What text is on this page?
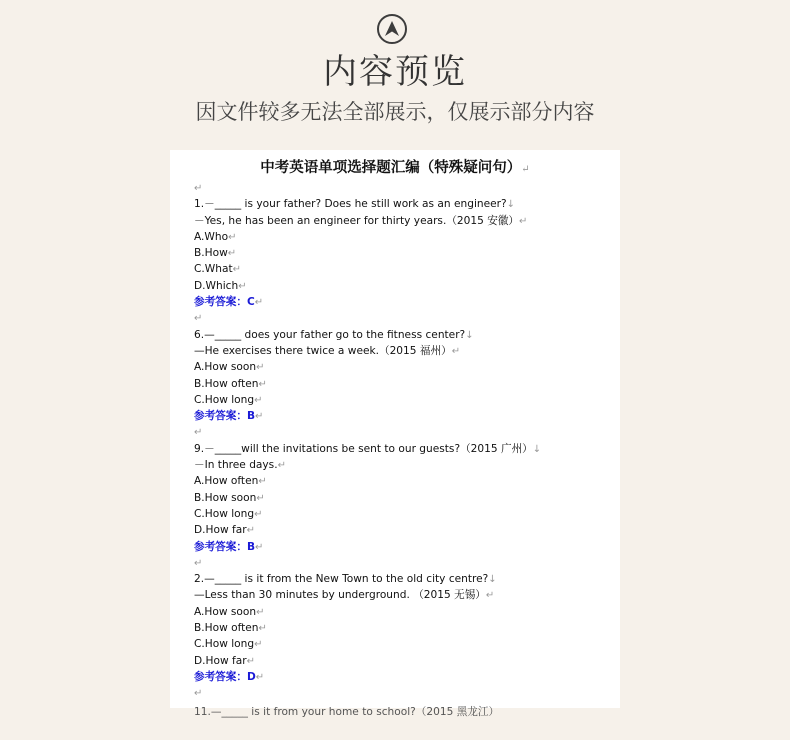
内容预览
因文件较多无法全部展示，仅展示部分内容
中考英语单项选择题汇编（特殊疑问句）↵
↵
1.－_____ is your father? Does he still work as an engineer?↓
－Yes, he has been an engineer for thirty years.（2015 安徽）↵
A.Who↵
B.How↵
C.What↵
D.Which↵
参考答案：C↵
↵
6.—_____ does your father go to the fitness center?↓
—He exercises there twice a week.（2015 福州）↵
A.How soon↵
B.How often↵
C.How long↵
参考答案：B↵
↵
9.－_____will the invitations be sent to our guests?（2015 广州）↓
－In three days.↵
A.How often↵
B.How soon↵
C.How long↵
D.How far↵
参考答案：B↵
↵
2.—_____ is it from the New Town to the old city centre?↓
—Less than 30 minutes by underground. （2015 无锡）↵
A.How soon↵
B.How often↵
C.How long↵
D.How far↵
参考答案：D↵
↵
11.—_____ is it from your home to school?（2015 黑龙江）
